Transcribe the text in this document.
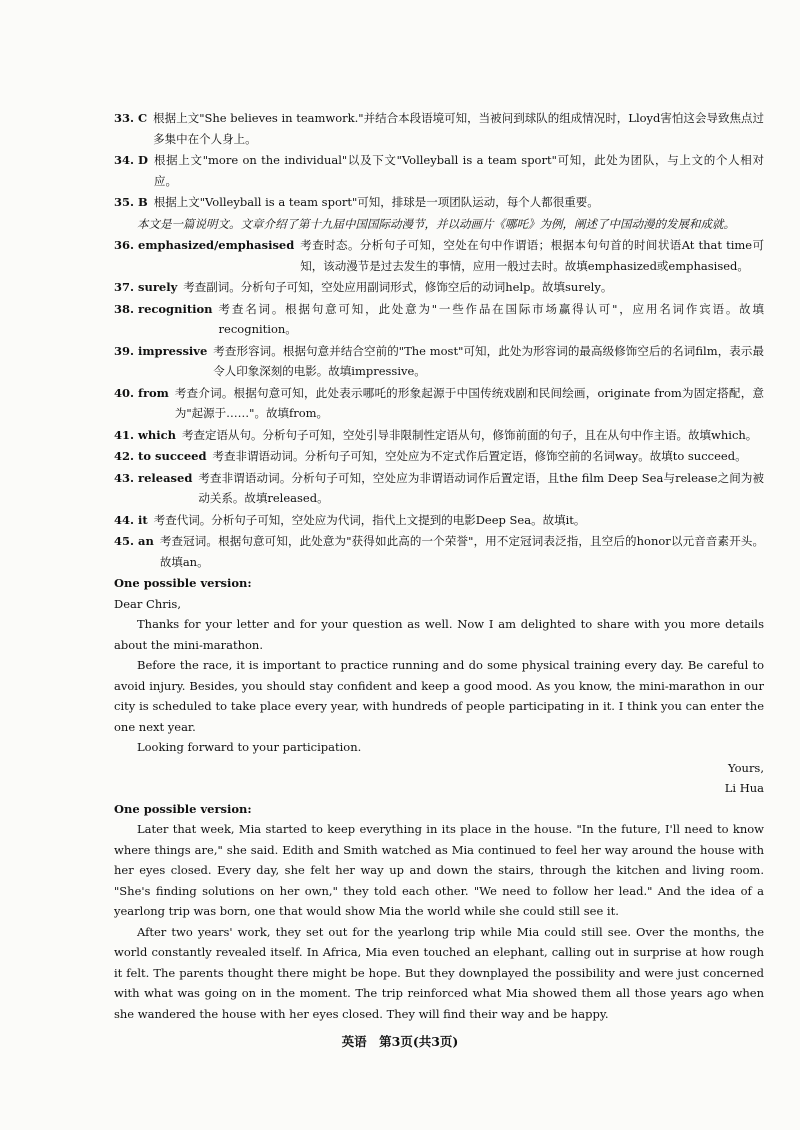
33. C 根据上文"She believes in teamwork."并结合本段语境可知，当被问到球队的组成情况时，Lloyd害怕这会导致焦点过多集中在个人身上。
34. D 根据上文"more on the individual"以及下文"Volleyball is a team sport"可知，此处为团队，与上文的个人相对应。
35. B 根据上文"Volleyball is a team sport"可知，排球是一项团队运动，每个人都很重要。
本文是一篇说明文。文章介绍了第十九届中国国际动漫节，并以动画片《哪吒》为例，阐述了中国动漫的发展和成就。
36. emphasized/emphasised 考查时态。分析句子可知，空处在句中作谓语；根据本句句首的时间状语At that time可知，该动漫节是过去发生的事情，应用一般过去时。故填emphasized或emphasised。
37. surely 考查副词。分析句子可知，空处应用副词形式，修饰空后的动词help。故填surely。
38. recognition 考查名词。根据句意可知，此处意为"一些作品在国际市场赢得认可"，应用名词作宾语。故填recognition。
39. impressive 考查形容词。根据句意并结合空前的"The most"可知，此处为形容词的最高级修饰空后的名词film，表示最令人印象深刻的电影。故填impressive。
40. from 考查介词。根据句意可知，此处表示哪吒的形象起源于中国传统戏剧和民间绘画，originate from为固定搭配，意为"起源于……"。故填from。
41. which 考查定语从句。分析句子可知，空处引导非限制性定语从句，修饰前面的句子，且在从句中作主语。故填which。
42. to succeed 考查非谓语动词。分析句子可知，空处应为不定式作后置定语，修饰空前的名词way。故填to succeed。
43. released 考查非谓语动词。分析句子可知，空处应为非谓语动词作后置定语，且the film Deep Sea与release之间为被动关系。故填released。
44. it 考查代词。分析句子可知，空处应为代词，指代上文提到的电影Deep Sea。故填it。
45. an 考查冠词。根据句意可知，此处意为"获得如此高的一个荣誉"，用不定冠词表泛指，且空后的honor以元音音素开头。故填an。
One possible version:
Dear Chris,

Thanks for your letter and for your question as well. Now I am delighted to share with you more details about the mini-marathon.

Before the race, it is important to practice running and do some physical training every day. Be careful to avoid injury. Besides, you should stay confident and keep a good mood. As you know, the mini-marathon in our city is scheduled to take place every year, with hundreds of people participating in it. I think you can enter the one next year.

Looking forward to your participation.

Yours,
Li Hua
One possible version:

Later that week, Mia started to keep everything in its place in the house. "In the future, I'll need to know where things are," she said. Edith and Smith watched as Mia continued to feel her way around the house with her eyes closed. Every day, she felt her way up and down the stairs, through the kitchen and living room. "She's finding solutions on her own," they told each other. "We need to follow her lead." And the idea of a yearlong trip was born, one that would show Mia the world while she could still see it.

After two years' work, they set out for the yearlong trip while Mia could still see. Over the months, the world constantly revealed itself. In Africa, Mia even touched an elephant, calling out in surprise at how rough it felt. The parents thought there might be hope. But they downplayed the possibility and were just concerned with what was going on in the moment. The trip reinforced what Mia showed them all those years ago when she wandered the house with her eyes closed. They will find their way and be happy.

英语　第3页(共3页)
